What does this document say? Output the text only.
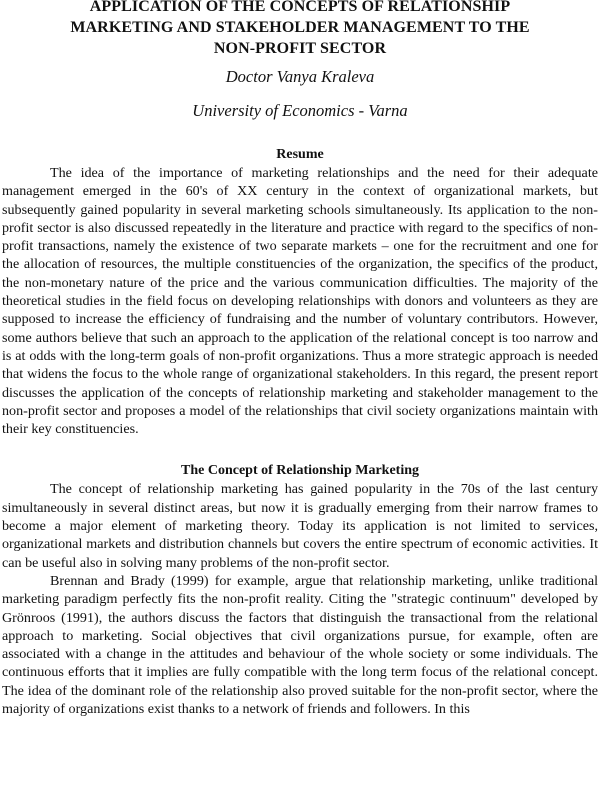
APPLICATION OF THE CONCEPTS OF RELATIONSHIP
MARKETING AND STAKEHOLDER MANAGEMENT TO THE
NON-PROFIT SECTOR
Doctor Vanya Kraleva
University of Economics - Varna
Resume

The idea of the importance of marketing relationships and the need for their adequate management emerged in the 60's of XX century in the context of organizational markets, but subsequently gained popularity in several marketing schools simultaneously. Its application to the non-profit sector is also discussed repeatedly in the literature and practice with regard to the specifics of non-profit transactions, namely the existence of two separate markets – one for the recruitment and one for the allocation of resources, the multiple constituencies of the organization, the specifics of the product, the non-monetary nature of the price and the various communication difficulties. The majority of the theoretical studies in the field focus on developing relationships with donors and volunteers as they are supposed to increase the efficiency of fundraising and the number of voluntary contributors. However, some authors believe that such an approach to the application of the relational concept is too narrow and is at odds with the long-term goals of non-profit organizations. Thus a more strategic approach is needed that widens the focus to the whole range of organizational stakeholders. In this regard, the present report discusses the application of the concepts of relationship marketing and stakeholder management to the non-profit sector and proposes a model of the relationships that civil society organizations maintain with their key constituencies.

The Concept of Relationship Marketing

The concept of relationship marketing has gained popularity in the 70s of the last century simultaneously in several distinct areas, but now it is gradually emerging from their narrow frames to become a major element of marketing theory. Today its application is not limited to services, organizational markets and distribution channels but covers the entire spectrum of economic activities. It can be useful also in solving many problems of the non-profit sector.

Brennan and Brady (1999) for example, argue that relationship marketing, unlike traditional marketing paradigm perfectly fits the non-profit reality. Citing the "strategic continuum" developed by Grönroos (1991), the authors discuss the factors that distinguish the transactional from the relational approach to marketing. Social objectives that civil organizations pursue, for example, often are associated with a change in the attitudes and behaviour of the whole society or some individuals. The continuous efforts that it implies are fully compatible with the long term focus of the relational concept. The idea of the dominant role of the relationship also proved suitable for the non-profit sector, where the majority of organizations exist thanks to a network of friends and followers. In this
